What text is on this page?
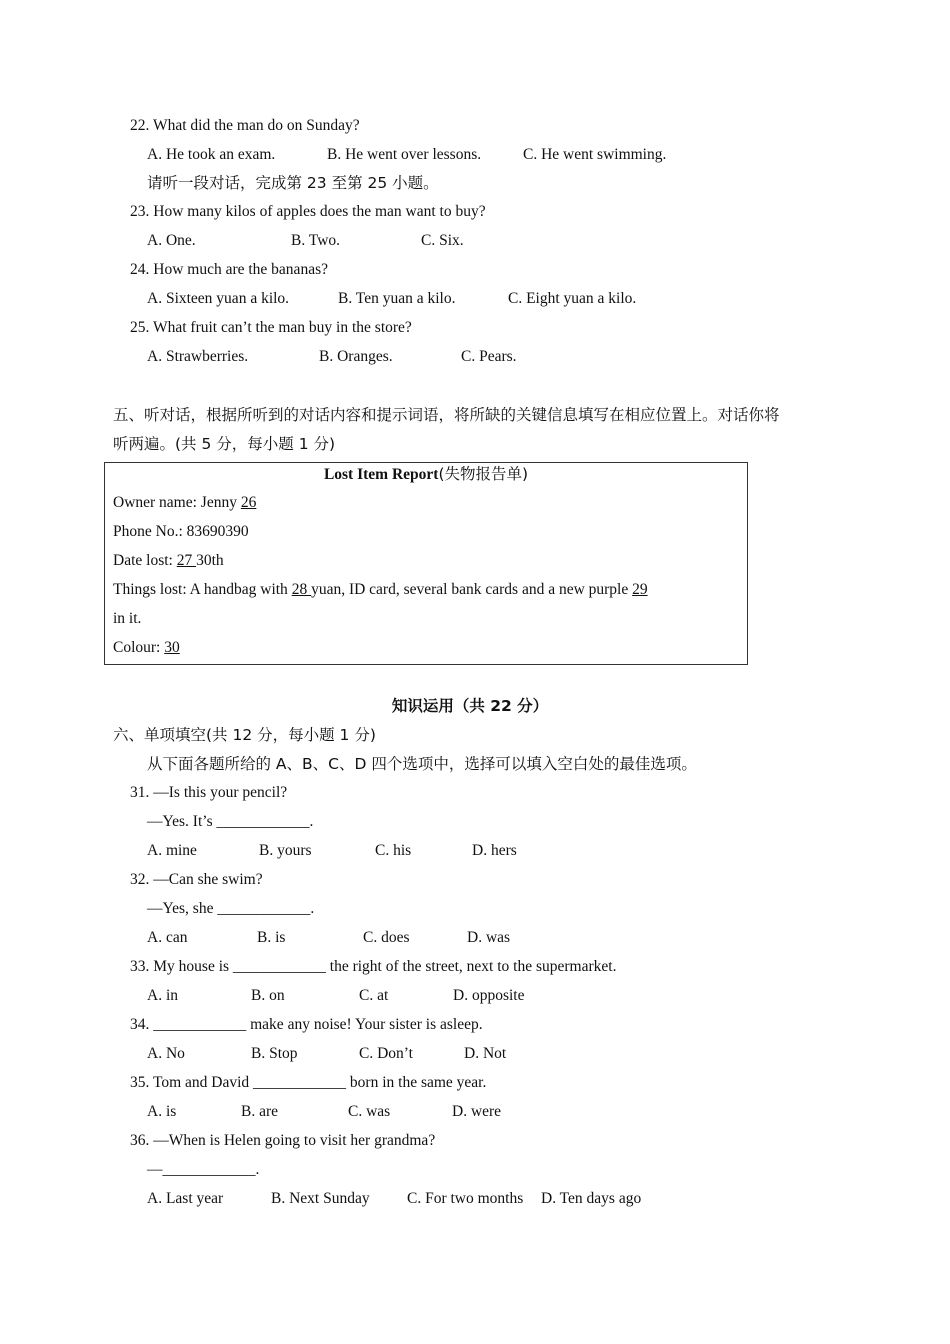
22. What did the man do on Sunday?
A. He took an exam.	B. He went over lessons.	C. He went swimming.
请听一段对话，完成第 23 至第 25 小题。
23. How many kilos of apples does the man want to buy?
A. One.	B. Two.	C. Six.
24. How much are the bananas?
A. Sixteen yuan a kilo.	B. Ten yuan a kilo.	C. Eight yuan a kilo.
25. What fruit can’t the man buy in the store?
A. Strawberries.	B. Oranges.	C. Pears.
五、听对话，根据所听到的对话内容和提示词语，将所缺的关键信息填写在相应位置上。对话你将
听两遍。(共 5 分，每小题 1 分)
Lost Item Report(失物报告单)
Owner name: Jenny 26
Phone No.: 83690390
Date lost: 27 30th
Things lost: A handbag with 28 yuan, ID card, several bank cards and a new purple 29
in it.
Colour: 30
知识运用（共 22 分）
六、单项填空(共 12 分，每小题 1 分)
从下面各题所给的 A、B、C、D 四个选项中，选择可以填入空白处的最佳选项。
31. —Is this your pencil?
—Yes. It’s ____________.
A. mine	B. yours	C. his	D. hers
32. —Can she swim?
—Yes, she ____________.
A. can	B. is	C. does	D. was
33. My house is ____________ the right of the street, next to the supermarket.
A. in	B. on	C. at	D. opposite
34. ____________ make any noise! Your sister is asleep.
A. No	B. Stop	C. Don’t	D. Not
35. Tom and David ____________ born in the same year.
A. is	B. are	C. was	D. were
36. —When is Helen going to visit her grandma?
—____________.
A. Last year	B. Next Sunday C. For two months D. Ten days ago
